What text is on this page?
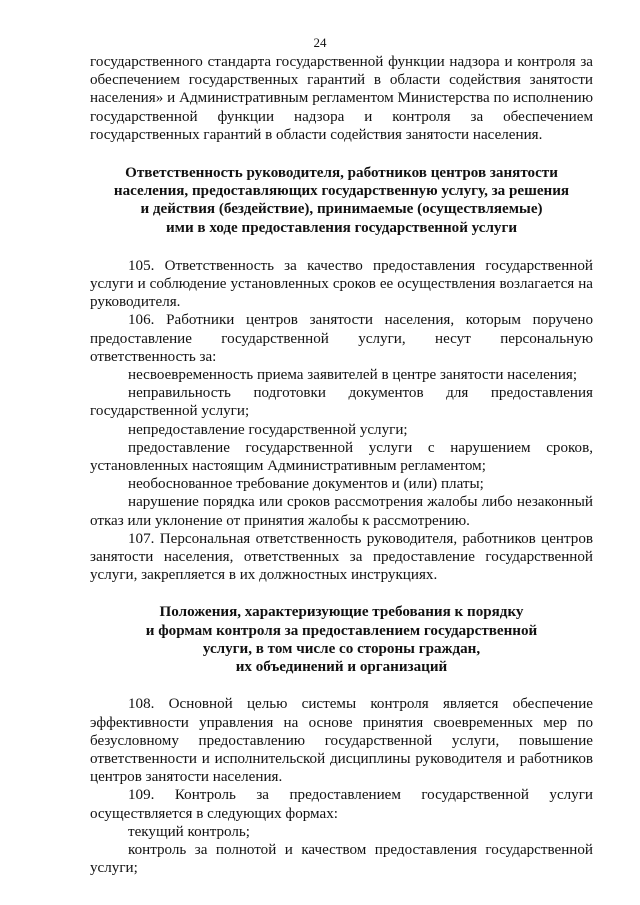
24

государственного стандарта государственной функции надзора и контроля за обеспечением государственных гарантий в области содействия занятости населения» и Административным регламентом Министерства по исполнению государственной функции надзора и контроля за обеспечением государственных гарантий в области содействия занятости населения.

Ответственность руководителя, работников центров занятости
населения, предоставляющих государственную услугу, за решения
и действия (бездействие), принимаемые (осуществляемые)
ими в ходе предоставления государственной услуги

105. Ответственность за качество предоставления государственной услуги и соблюдение установленных сроков ее осуществления возлагается на руководителя.

106. Работники центров занятости населения, которым поручено предоставление государственной услуги, несут персональную ответственность за:

несвоевременность приема заявителей в центре занятости населения;

неправильность подготовки документов для предоставления государственной услуги;

непредоставление государственной услуги;

предоставление государственной услуги с нарушением сроков, установленных настоящим Административным регламентом;

необоснованное требование документов и (или) платы;

нарушение порядка или сроков рассмотрения жалобы либо незаконный отказ или уклонение от принятия жалобы к рассмотрению.

107. Персональная ответственность руководителя, работников центров занятости населения, ответственных за предоставление государственной услуги, закрепляется в их должностных инструкциях.

Положения, характеризующие требования к порядку
и формам контроля за предоставлением государственной
услуги, в том числе со стороны граждан,
их объединений и организаций

108. Основной целью системы контроля является обеспечение эффективности управления на основе принятия своевременных мер по безусловному предоставлению государственной услуги, повышение ответственности и исполнительской дисциплины руководителя и работников центров занятости населения.

109. Контроль за предоставлением государственной услуги осуществляется в следующих формах:

текущий контроль;

контроль за полнотой и качеством предоставления государственной услуги;
